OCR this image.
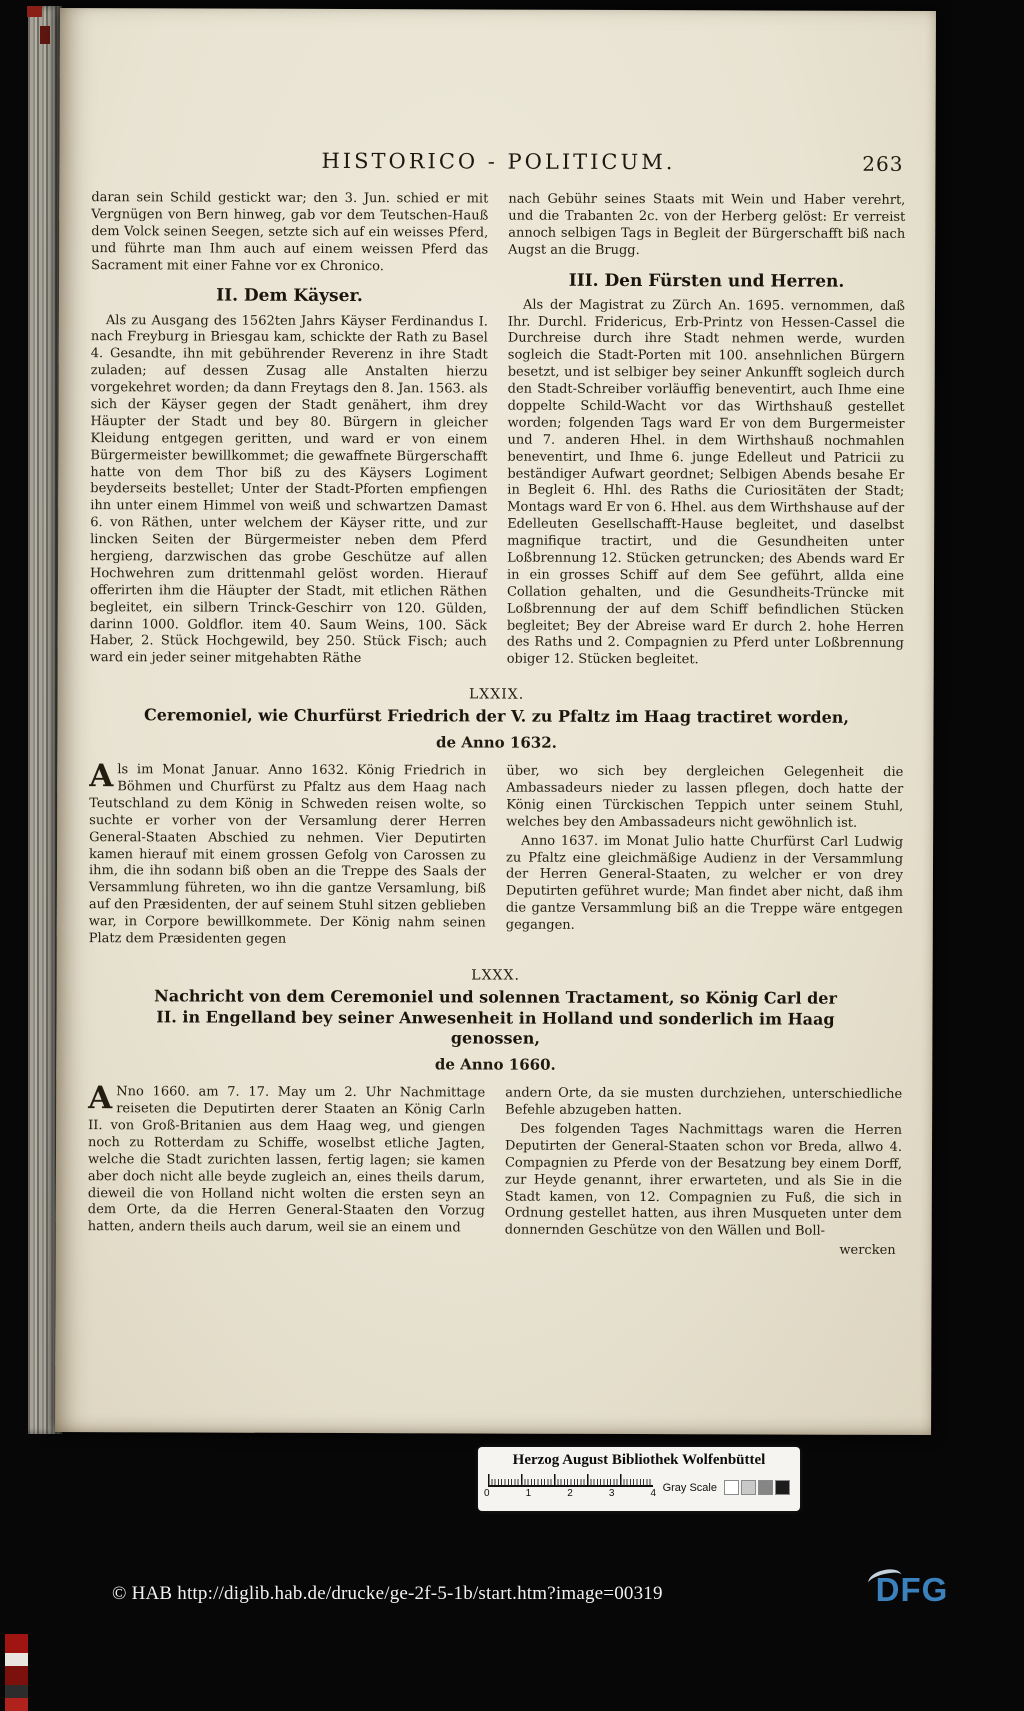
HISTORICO - POLITICUM.	263

daran sein Schild gestickt war; den 3. Jun. schied er mit Vergnügen von Bern hinweg, gab vor dem Teutschen-Hauß dem Volck seinen Seegen, setzte sich auf ein weisses Pferd, und führte man Ihm auch auf einem weissen Pferd das Sacrament mit einer Fahne vor ex Chronico.

II. Dem Käyser.

Als zu Ausgang des 1562ten Jahrs Käyser Ferdinandus I. nach Freyburg in Briesgau kam, schickte der Rath zu Basel 4. Gesandte, ihn mit gebührender Reverenz in ihre Stadt zuladen; auf dessen Zusag alle Anstalten hierzu vorgekehret worden; da dann Freytags den 8. Jan. 1563. als sich der Käyser gegen der Stadt genähert, ihm drey Häupter der Stadt und bey 80. Bürgern in gleicher Kleidung entgegen geritten, und ward er von einem Bürgermeister bewillkommet; die gewaffnete Bürgerschafft hatte von dem Thor biß zu des Käysers Logiment beyderseits bestellet; Unter der Stadt-Pforten empfiengen ihn unter einem Himmel von weiß und schwartzen Damast 6. von Räthen, unter welchem der Käyser ritte, und zur lincken Seiten der Bürgermeister neben dem Pferd hergieng, darzwischen das grobe Geschütze auf allen Hochwehren zum drittenmahl gelöst worden. Hierauf offerirten ihm die Häupter der Stadt, mit etlichen Räthen begleitet, ein silbern Trinck-Geschirr von 120. Gülden, darinn 1000. Goldflor. item 40. Saum Weins, 100. Säck Haber, 2. Stück Hochgewild, bey 250. Stück Fisch; auch ward ein jeder seiner mitgehabten Räthe

nach Gebühr seines Staats mit Wein und Haber verehrt, und die Trabanten 2c. von der Herberg gelöst: Er verreist annoch selbigen Tags in Begleit der Bürgerschafft biß nach Augst an die Brugg.

III. Den Fürsten und Herren.

Als der Magistrat zu Zürch An. 1695. vernommen, daß Ihr. Durchl. Fridericus, Erb-Printz von Hessen-Cassel die Durchreise durch ihre Stadt nehmen werde, wurden sogleich die Stadt-Porten mit 100. ansehnlichen Bürgern besetzt, und ist selbiger bey seiner Ankunfft sogleich durch den Stadt-Schreiber vorläuffig beneventirt, auch Ihme eine doppelte Schild-Wacht vor das Wirthshauß gestellet worden; folgenden Tags ward Er von dem Burgermeister und 7. anderen Hhel. in dem Wirthshauß nochmahlen beneventirt, und Ihme 6. junge Edelleut und Patricii zu beständiger Aufwart geordnet; Selbigen Abends besahe Er in Begleit 6. Hhl. des Raths die Curiositäten der Stadt; Montags ward Er von 6. Hhel. aus dem Wirthshause auf der Edelleuten Gesellschafft-Hause begleitet, und daselbst magnifique tractirt, und die Gesundheiten unter Loßbrennung 12. Stücken getruncken; des Abends ward Er in ein grosses Schiff auf dem See geführt, allda eine Collation gehalten, und die Gesundheits-Trüncke mit Loßbrennung der auf dem Schiff befindlichen Stücken begleitet; Bey der Abreise ward Er durch 2. hohe Herren des Raths und 2. Compagnien zu Pferd unter Loßbrennung obiger 12. Stücken begleitet.

LXXIX.
Ceremoniel, wie Churfürst Friedrich der V. zu Pfaltz im Haag tractiret worden,
de Anno 1632.

Als im Monat Januar. Anno 1632. König Friedrich in Böhmen und Churfürst zu Pfaltz aus dem Haag nach Teutschland zu dem König in Schweden reisen wolte, so suchte er vorher von der Versamlung derer Herren General-Staaten Abschied zu nehmen. Vier Deputirten kamen hierauf mit einem grossen Gefolg von Carossen zu ihm, die ihn sodann biß oben an die Treppe des Saals der Versammlung führeten, wo ihn die gantze Versamlung, biß auf den Præsidenten, der auf seinem Stuhl sitzen geblieben war, in Corpore bewillkommete. Der König nahm seinen Platz dem Præsidenten gegen

über, wo sich bey dergleichen Gelegenheit die Ambassadeurs nieder zu lassen pflegen, doch hatte der König einen Türckischen Teppich unter seinem Stuhl, welches bey den Ambassadeurs nicht gewöhnlich ist.

Anno 1637. im Monat Julio hatte Churfürst Carl Ludwig zu Pfaltz eine gleichmäßige Audienz in der Versammlung der Herren General-Staaten, zu welcher er von drey Deputirten geführet wurde; Man findet aber nicht, daß ihm die gantze Versammlung biß an die Treppe wäre entgegen gegangen.

LXXX.
Nachricht von dem Ceremoniel und solennen Tractament, so König Carl der II. in Engelland bey seiner Anwesenheit in Holland und sonderlich im Haag genossen,
de Anno 1660.

ANno 1660. am 7. 17. May um 2. Uhr Nachmittage reiseten die Deputirten derer Staaten an König Carln II. von Groß-Britanien aus dem Haag weg, und giengen noch zu Rotterdam zu Schiffe, woselbst etliche Jagten, welche die Stadt zurichten lassen, fertig lagen; sie kamen aber doch nicht alle beyde zugleich an, eines theils darum, dieweil die von Holland nicht wolten die ersten seyn an dem Orte, da die Herren General-Staaten den Vorzug hatten, andern theils auch darum, weil sie an einem und

andern Orte, da sie musten durchziehen, unterschiedliche Befehle abzugeben hatten.

Des folgenden Tages Nachmittags waren die Herren Deputirten der General-Staaten schon vor Breda, allwo 4. Compagnien zu Pferde von der Besatzung bey einem Dorff, zur Heyde genannt, ihrer erwarteten, und als Sie in die Stadt kamen, von 12. Compagnien zu Fuß, die sich in Ordnung gestellet hatten, aus ihren Musqueten unter dem donnernden Geschütze von den Wällen und Boll-

wercken

Herzog August Bibliothek Wolfenbüttel
0	1	2	3	4 Gray Scale
© HAB http://diglib.hab.de/drucke/ge-2f-5-1b/start.htm?image=00319	DFG
